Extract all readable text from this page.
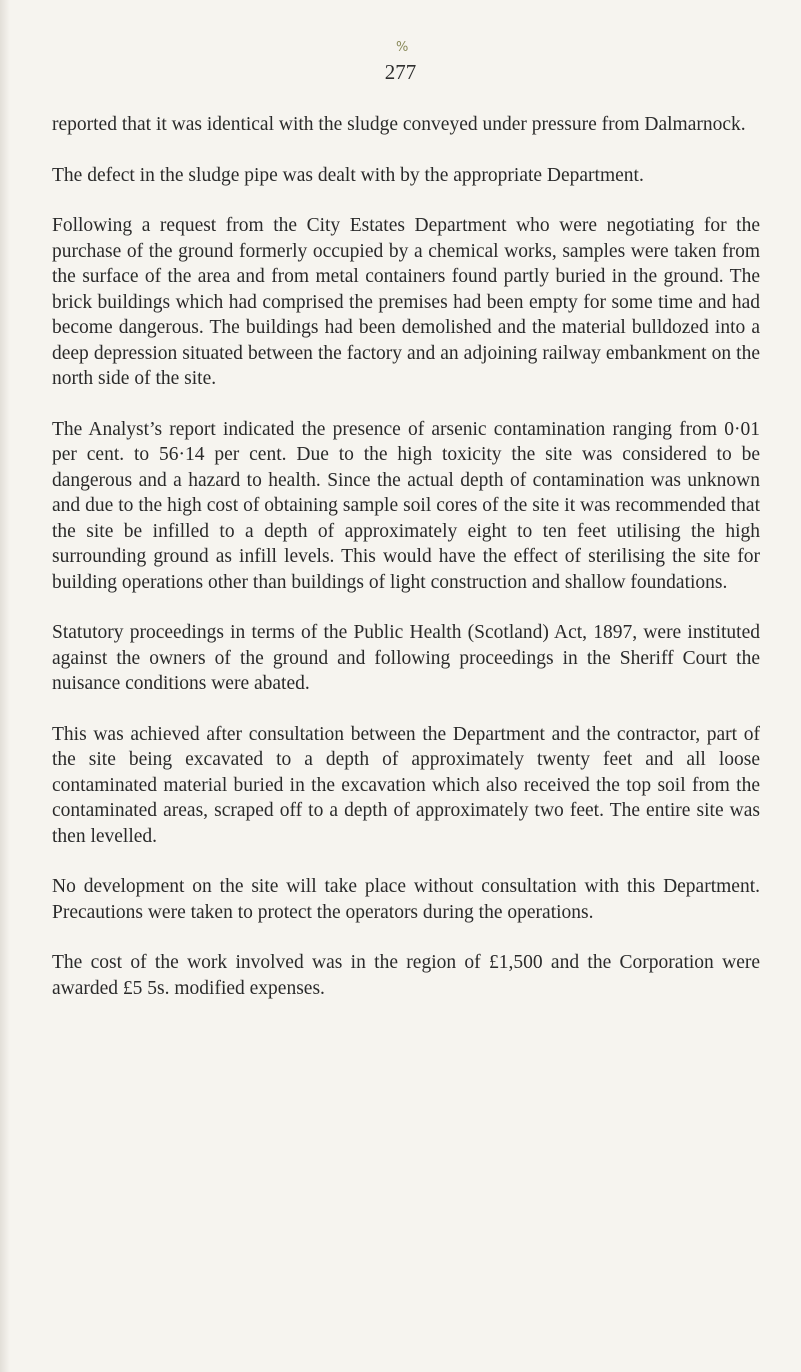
%
277

reported that it was identical with the sludge conveyed under pressure from Dalmarnock.

The defect in the sludge pipe was dealt with by the appropriate Department.

Following a request from the City Estates Department who were negotiating for the purchase of the ground formerly occupied by a chemical works, samples were taken from the surface of the area and from metal containers found partly buried in the ground. The brick buildings which had comprised the premises had been empty for some time and had become dangerous. The buildings had been demolished and the material bulldozed into a deep depression situated between the factory and an adjoining railway embankment on the north side of the site.

The Analyst’s report indicated the presence of arsenic contamination ranging from 0·01 per cent. to 56·14 per cent. Due to the high toxicity the site was considered to be dangerous and a hazard to health. Since the actual depth of contamination was unknown and due to the high cost of obtaining sample soil cores of the site it was recommended that the site be infilled to a depth of approximately eight to ten feet utilising the high surrounding ground as infill levels. This would have the effect of sterilising the site for building operations other than buildings of light construction and shallow foundations.

Statutory proceedings in terms of the Public Health (Scotland) Act, 1897, were instituted against the owners of the ground and following proceedings in the Sheriff Court the nuisance conditions were abated.

This was achieved after consultation between the Department and the contractor, part of the site being excavated to a depth of approximately twenty feet and all loose contaminated material buried in the excavation which also received the top soil from the contaminated areas, scraped off to a depth of approximately two feet. The entire site was then levelled.

No development on the site will take place without consultation with this Department. Precautions were taken to protect the operators during the operations.

The cost of the work involved was in the region of £1,500 and the Corporation were awarded £5 5s. modified expenses.
